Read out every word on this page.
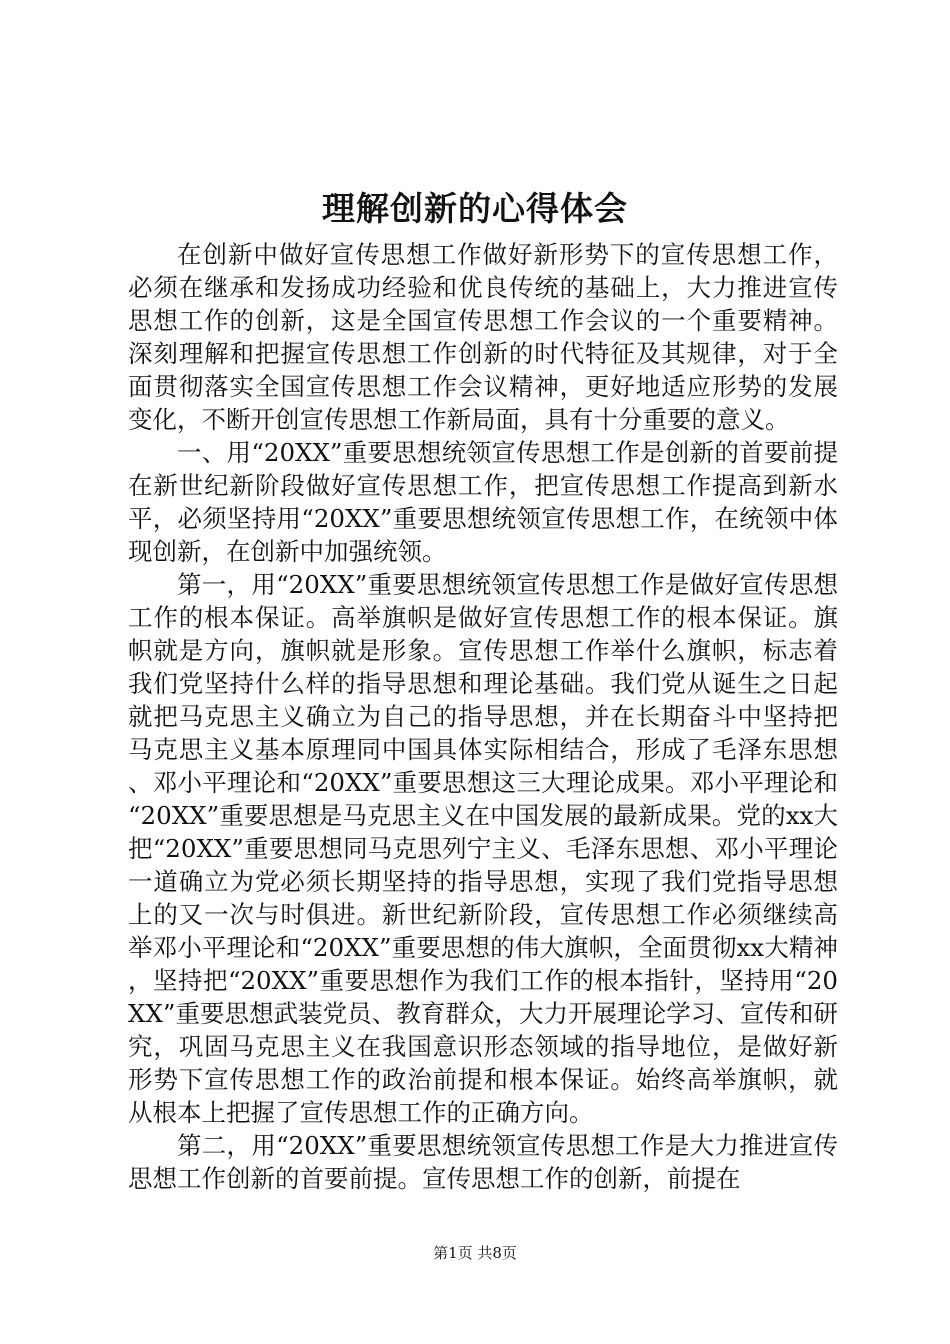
理解创新的心得体会

在创新中做好宣传思想工作做好新形势下的宣传思想工作，必须在继承和发扬成功经验和优良传统的基础上，大力推进宣传思想工作的创新，这是全国宣传思想工作会议的一个重要精神。深刻理解和把握宣传思想工作创新的时代特征及其规律，对于全面贯彻落实全国宣传思想工作会议精神，更好地适应形势的发展变化，不断开创宣传思想工作新局面，具有十分重要的意义。

一、用“20XX”重要思想统领宣传思想工作是创新的首要前提在新世纪新阶段做好宣传思想工作，把宣传思想工作提高到新水平，必须坚持用“20XX”重要思想统领宣传思想工作，在统领中体现创新，在创新中加强统领。

第一，用“20XX”重要思想统领宣传思想工作是做好宣传思想工作的根本保证。高举旗帜是做好宣传思想工作的根本保证。旗帜就是方向，旗帜就是形象。宣传思想工作举什么旗帜，标志着我们党坚持什么样的指导思想和理论基础。我们党从诞生之日起就把马克思主义确立为自己的指导思想，并在长期奋斗中坚持把马克思主义基本原理同中国具体实际相结合，形成了毛泽东思想、邓小平理论和“20XX”重要思想这三大理论成果。邓小平理论和“20XX”重要思想是马克思主义在中国发展的最新成果。党的xx大把“20XX”重要思想同马克思列宁主义、毛泽东思想、邓小平理论一道确立为党必须长期坚持的指导思想，实现了我们党指导思想上的又一次与时俱进。新世纪新阶段，宣传思想工作必须继续高举邓小平理论和“20XX”重要思想的伟大旗帜，全面贯彻xx大精神，坚持把“20XX”重要思想作为我们工作的根本指针，坚持用“20XX”重要思想武装党员、教育群众，大力开展理论学习、宣传和研究，巩固马克思主义在我国意识形态领域的指导地位，是做好新形势下宣传思想工作的政治前提和根本保证。始终高举旗帜，就从根本上把握了宣传思想工作的正确方向。

第二，用“20XX”重要思想统领宣传思想工作是大力推进宣传思想工作创新的首要前提。宣传思想工作的创新，前提在

第1页 共8页
